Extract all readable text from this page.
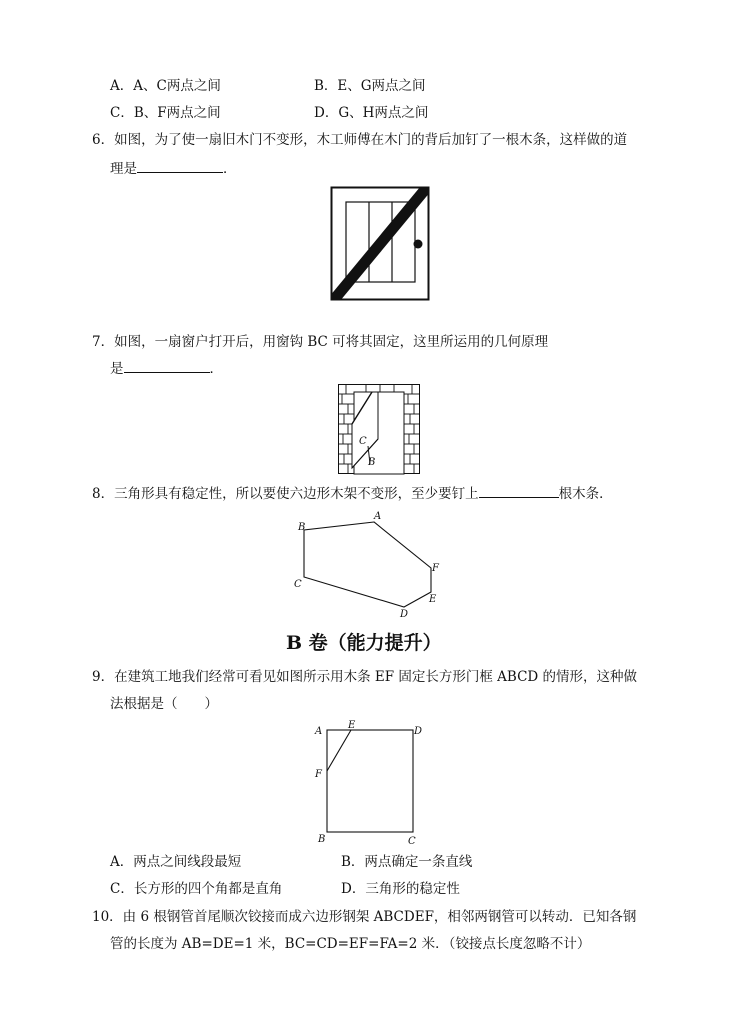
A．A、C两点之间	B．E、G两点之间
C．B、F两点之间	D．G、H两点之间
6．如图，为了使一扇旧木门不变形，木工师傅在木门的背后加钉了一根木条，这样做的道
理是	．
7．如图，一扇窗户打开后，用窗钩 BC 可将其固定，这里所运用的几何原理
是	．
C
B
8．三角形具有稳定性，所以要使六边形木架不变形，至少要钉上	根木条．
A
B
C
D
E
F
B 卷（能力提升）
9．在建筑工地我们经常可看见如图所示用木条 EF 固定长方形门框 ABCD 的情形，这种做
法根据是（　　）
A
E
D
F
B	C
A．两点之间线段最短	B．两点确定一条直线
C．长方形的四个角都是直角	D．三角形的稳定性
10．由 6 根钢管首尾顺次铰接而成六边形钢架 ABCDEF，相邻两钢管可以转动．已知各钢
管的长度为 AB=DE=1 米，BC=CD=EF=FA=2 米．（铰接点长度忽略不计）
